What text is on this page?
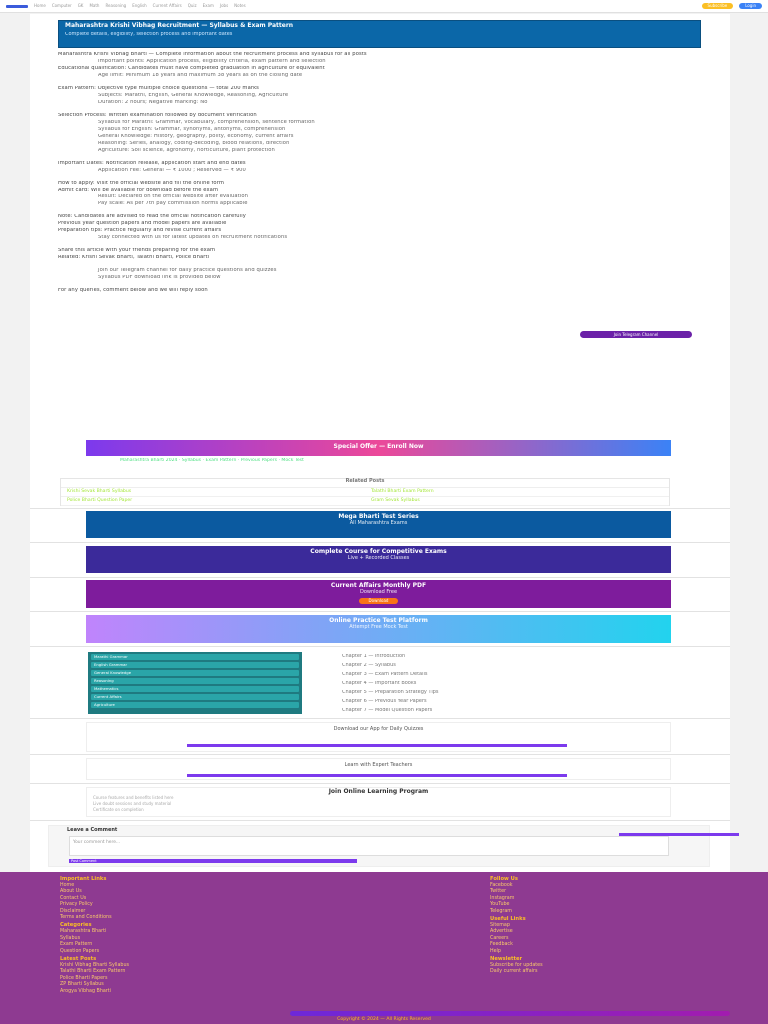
Home Computer GK Math Reasoning English Current Affairs Quiz Exam Jobs Notes	Subscribe	Login
Maharashtra Krishi Vibhag Recruitment — Syllabus & Exam Pattern
Complete details, eligibility, selection process and important dates

Maharashtra Krishi Vibhag Bharti — Complete information about the recruitment process and syllabus for all posts

Important points: Application process, eligibility criteria, exam pattern and selection

Educational qualification: Candidates must have completed graduation in agriculture or equivalent

Age limit: Minimum 18 years and maximum 38 years as on the closing date

Exam Pattern: Objective type multiple choice questions — total 200 marks

Subjects: Marathi, English, General Knowledge, Reasoning, Agriculture

Duration: 2 hours; Negative marking: No

Selection Process: Written examination followed by document verification

Syllabus for Marathi: Grammar, vocabulary, comprehension, sentence formation

Syllabus for English: Grammar, synonyms, antonyms, comprehension

General Knowledge: History, geography, polity, economy, current affairs

Reasoning: Series, analogy, coding-decoding, blood relations, direction

Agriculture: Soil science, agronomy, horticulture, plant protection

Important Dates: Notification release, application start and end dates

Application Fee: General — ₹ 1000 ; Reserved — ₹ 900

How to apply: Visit the official website and fill the online form

Admit card: Will be available for download before the exam

Result: Declared on the official website after evaluation

Pay scale: As per 7th pay commission norms applicable

Note: Candidates are advised to read the official notification carefully

Previous year question papers and model papers are available

Preparation tips: Practice regularly and revise current affairs

Stay connected with us for latest updates on recruitment notifications

Share this article with your friends preparing for the exam

Related: Krishi Sevak Bharti, Talathi Bharti, Police Bharti

Join our Telegram channel for daily practice questions and quizzes

Syllabus PDF download link is provided below

For any queries, comment below and we will reply soon

Join Telegram Channel
Special Offer — Enroll Now
Maharashtra Bharti 2024 · Syllabus · Exam Pattern · Previous Papers · Mock Test
Related Posts
Krishi Sevak Bharti Syllabus	Talathi Bharti Exam Pattern
Police Bharti Question Paper	Gram Sevak Syllabus
Mega Bharti Test Series
All Maharashtra Exams
Complete Course for Competitive Exams
Live + Recorded Classes
Current Affairs Monthly PDF
Download Free
Download
Online Practice Test Platform
Attempt Free Mock Test
Marathi Grammar
English Grammar
General Knowledge
Reasoning
Mathematics
Current Affairs
Agriculture
Chapter 1 — Introduction
Chapter 2 — Syllabus
Chapter 3 — Exam Pattern Details
Chapter 4 — Important Books
Chapter 5 — Preparation Strategy Tips
Chapter 6 — Previous Year Papers
Chapter 7 — Model Question Papers
Download our App for Daily Quizzes
Learn with Expert Teachers
Join Online Learning Program
Course features and benefits listed here
Live doubt sessions and study material
Certificate on completion
Leave a Comment
Your comment here...
Post Comment
Important Links
Home
About Us
Contact Us
Privacy Policy
Disclaimer
Terms and Conditions
Categories
Maharashtra Bharti
Syllabus
Exam Pattern
Question Papers
Latest Posts
Krishi Vibhag Bharti Syllabus
Talathi Bharti Exam Pattern
Police Bharti Papers
ZP Bharti Syllabus
Arogya Vibhag Bharti
Follow Us
Facebook
Twitter
Instagram
YouTube
Telegram
Useful Links
Sitemap
Advertise
Careers
Feedback
Help
Newsletter
Subscribe for updates
Daily current affairs
Copyright © 2024 — All Rights Reserved
